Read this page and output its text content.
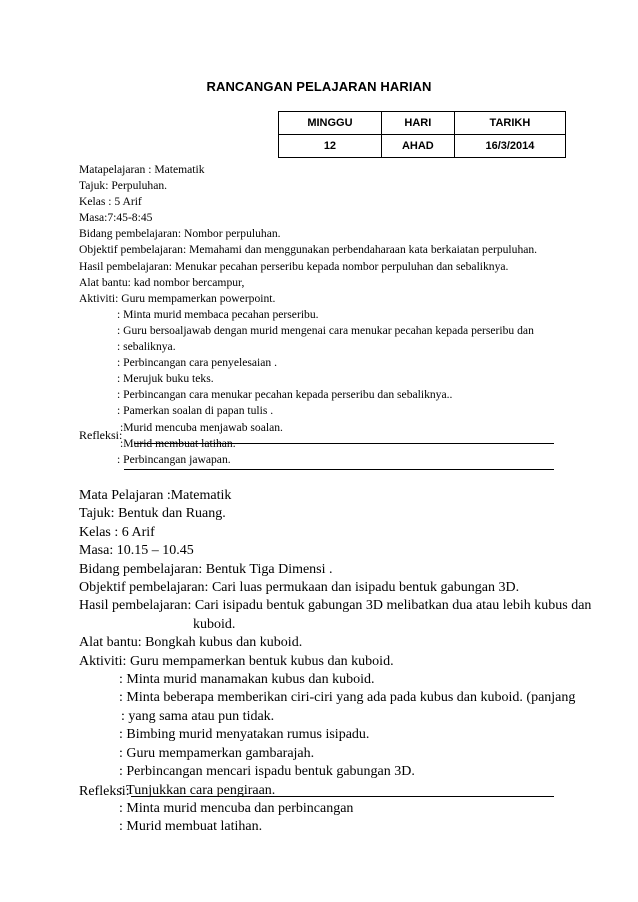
RANCANGAN PELAJARAN HARIAN
MINGGU	HARI	TARIKH
12	AHAD	16/3/2014
Matapelajaran : Matematik
Tajuk: Perpuluhan.
Kelas : 5 Arif
Masa:7:45-8:45
Bidang pembelajaran: Nombor perpuluhan.
Objektif pembelajaran: Memahami dan menggunakan perbendaharaan kata berkaiatan perpuluhan.
Hasil pembelajaran: Menukar pecahan perseribu kepada nombor perpuluhan dan sebaliknya.
Alat bantu: kad nombor bercampur,
Aktiviti: Guru mempamerkan powerpoint.
: Minta murid membaca pecahan perseribu.
: Guru bersoaljawab dengan murid mengenai cara menukar pecahan kepada perseribu dan
: sebaliknya.
: Perbincangan cara penyelesaian .
: Merujuk buku teks.
: Perbincangan cara menukar pecahan kepada perseribu dan sebaliknya..
: Pamerkan soalan di papan tulis .
:Murid mencuba menjawab soalan.
:Murid membuat latihan.
: Perbincangan jawapan.
Refleksi:
Mata Pelajaran :Matematik
Tajuk: Bentuk dan Ruang.
Kelas : 6 Arif
Masa: 10.15 – 10.45
Bidang pembelajaran: Bentuk Tiga Dimensi .
Objektif pembelajaran: Cari luas permukaan dan isipadu bentuk gabungan 3D.
Hasil pembelajaran: Cari isipadu bentuk gabungan 3D melibatkan dua atau lebih kubus dan
kuboid.
Alat bantu: Bongkah kubus dan kuboid.
Aktiviti: Guru mempamerkan bentuk kubus dan kuboid.
: Minta murid manamakan kubus dan kuboid.
: Minta beberapa memberikan ciri-ciri yang ada pada kubus dan kuboid. (panjang
: yang sama atau pun tidak.
: Bimbing murid menyatakan rumus isipadu.
: Guru mempamerkan gambarajah.
: Perbincangan mencari ispadu bentuk gabungan 3D.
: Tunjukkan cara pengiraan.
: Minta murid mencuba dan perbincangan
: Murid membuat latihan.
Refleksi:
